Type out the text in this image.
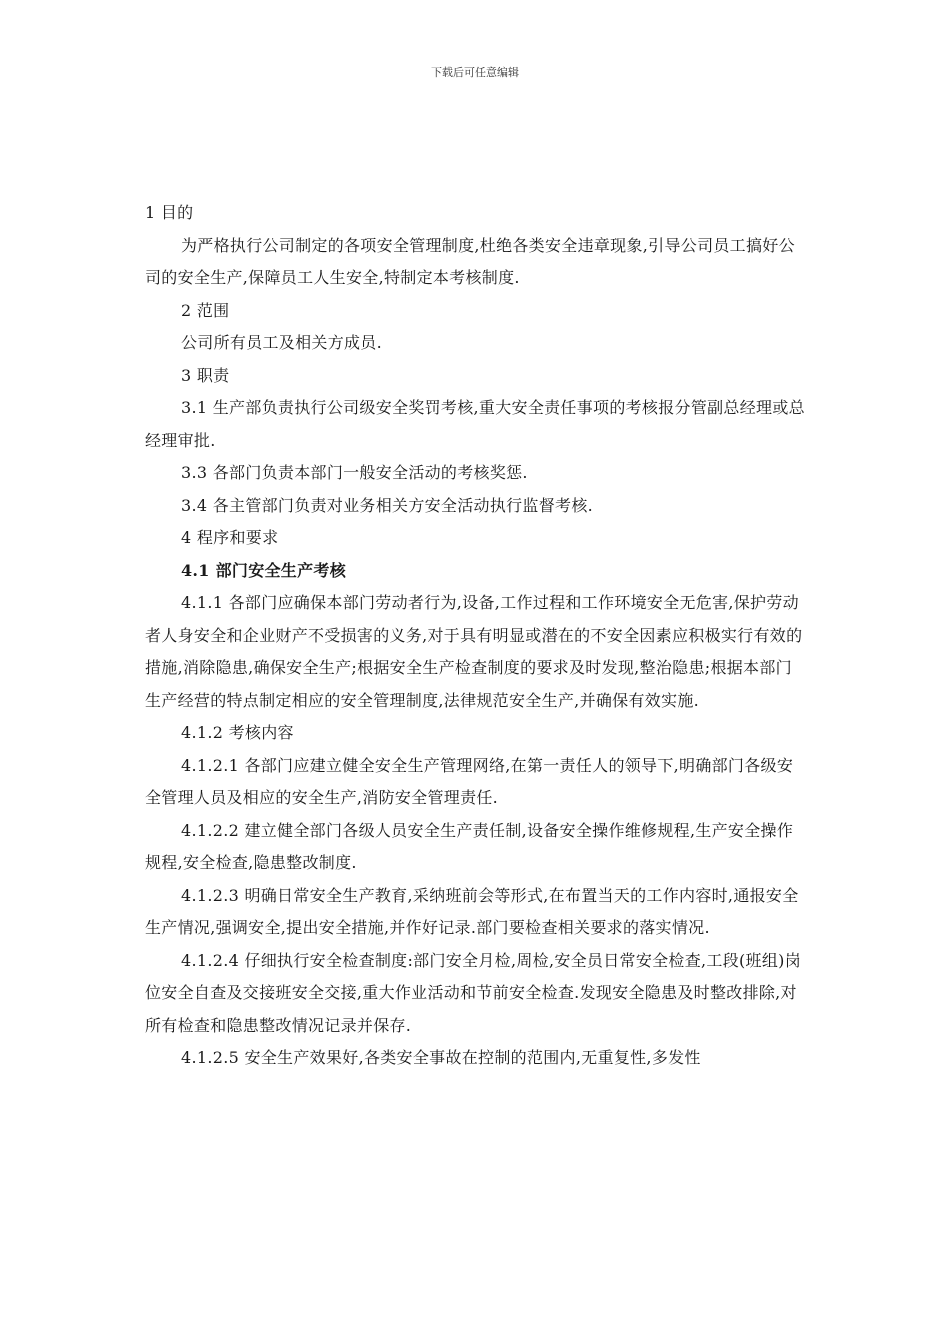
下载后可任意编辑

1 目的

为严格执行公司制定的各项安全管理制度,杜绝各类安全违章现象,引导公司员工搞好公司的安全生产,保障员工人生安全,特制定本考核制度.

2 范围

公司所有员工及相关方成员.

3 职责

3.1 生产部负责执行公司级安全奖罚考核,重大安全责任事项的考核报分管副总经理或总经理审批.

3.3 各部门负责本部门一般安全活动的考核奖惩.

3.4 各主管部门负责对业务相关方安全活动执行监督考核.

4 程序和要求

4.1 部门安全生产考核

4.1.1 各部门应确保本部门劳动者行为,设备,工作过程和工作环境安全无危害,保护劳动者人身安全和企业财产不受损害的义务,对于具有明显或潜在的不安全因素应积极实行有效的措施,消除隐患,确保安全生产;根据安全生产检查制度的要求及时发现,整治隐患;根据本部门生产经营的特点制定相应的安全管理制度,法律规范安全生产,并确保有效实施.

4.1.2 考核内容

4.1.2.1 各部门应建立健全安全生产管理网络,在第一责任人的领导下,明确部门各级安全管理人员及相应的安全生产,消防安全管理责任.

4.1.2.2 建立健全部门各级人员安全生产责任制,设备安全操作维修规程,生产安全操作规程,安全检查,隐患整改制度.

4.1.2.3 明确日常安全生产教育,采纳班前会等形式,在布置当天的工作内容时,通报安全生产情况,强调安全,提出安全措施,并作好记录.部门要检查相关要求的落实情况.

4.1.2.4 仔细执行安全检查制度:部门安全月检,周检,安全员日常安全检查,工段(班组)岗位安全自查及交接班安全交接,重大作业活动和节前安全检查.发现安全隐患及时整改排除,对所有检查和隐患整改情况记录并保存.

4.1.2.5 安全生产效果好,各类安全事故在控制的范围内,无重复性,多发性
